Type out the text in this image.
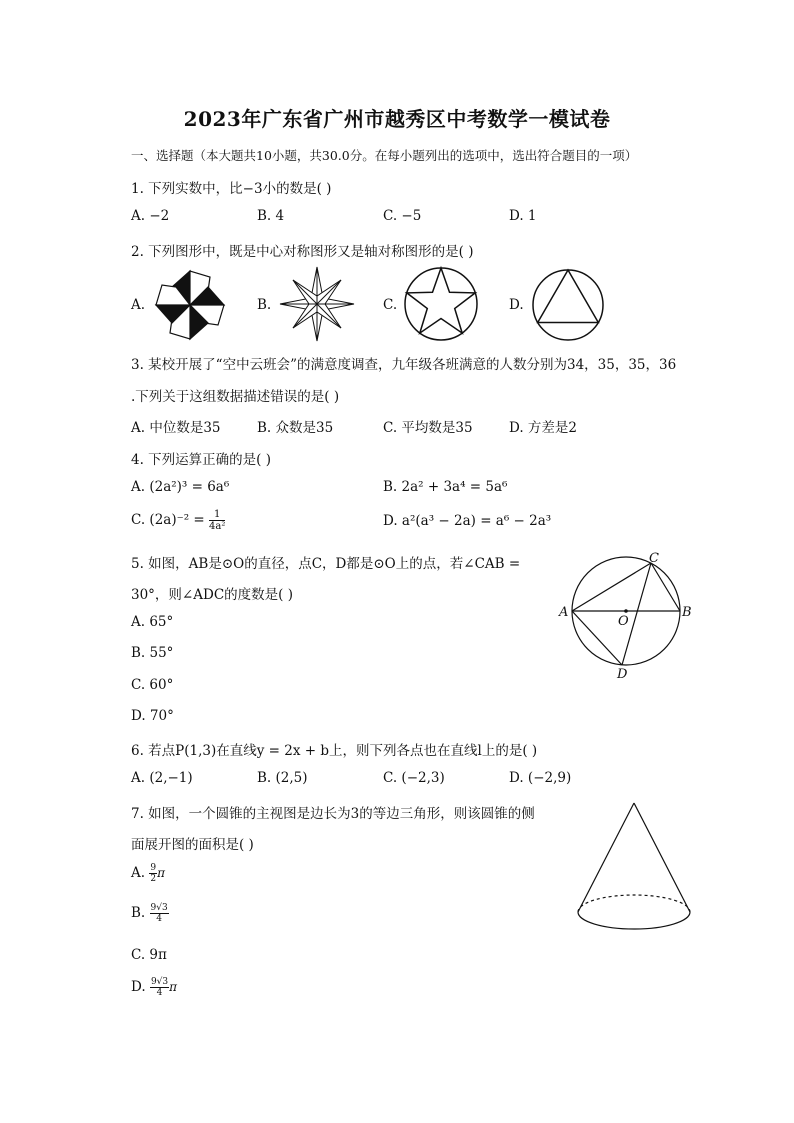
2023年广东省广州市越秀区中考数学一模试卷
一、选择题（本大题共10小题，共30.0分。在每小题列出的选项中，选出符合题目的一项）
1. 下列实数中，比−3小的数是( )
A. −2	B. 4	C. −5	D. 1
2. 下列图形中，既是中心对称图形又是轴对称图形的是( )
A.	B.	C.	D.
3. 某校开展了“空中云班会”的满意度调查，九年级各班满意的人数分别为34，35，35，36
.下列关于这组数据描述错误的是( )
A. 中位数是35	B. 众数是35	C. 平均数是35	D. 方差是2
4. 下列运算正确的是( )
A. (2a²)³ = 6a⁶	B. 2a² + 3a⁴ = 5a⁶
C. $(2a)^{-2} = \frac{1}{\text{4a²}}$	D. a²(a³ − 2a) = a⁶ − 2a³
5. 如图，AB是⊙O的直径，点C，D都是⊙O上的点，若∠CAB =
30°，则∠ADC的度数是( )
A. 65°
B. 55°
C. 60°
D. 70°
A	B
C
D
O
6. 若点P(1,3)在直线y = 2x + b上，则下列各点也在直线l上的是( )
A. (2,−1)	B. (2,5)	C. (−2,3)	D. (−2,9)
7. 如图，一个圆锥的主视图是边长为3的等边三角形，则该圆锥的侧
面展开图的面积是( )
A. $\frac{9}{2}$ π
B. $\frac{9√3}{4}$
C. 9π
D. $\frac{9√3}{4}$ π
